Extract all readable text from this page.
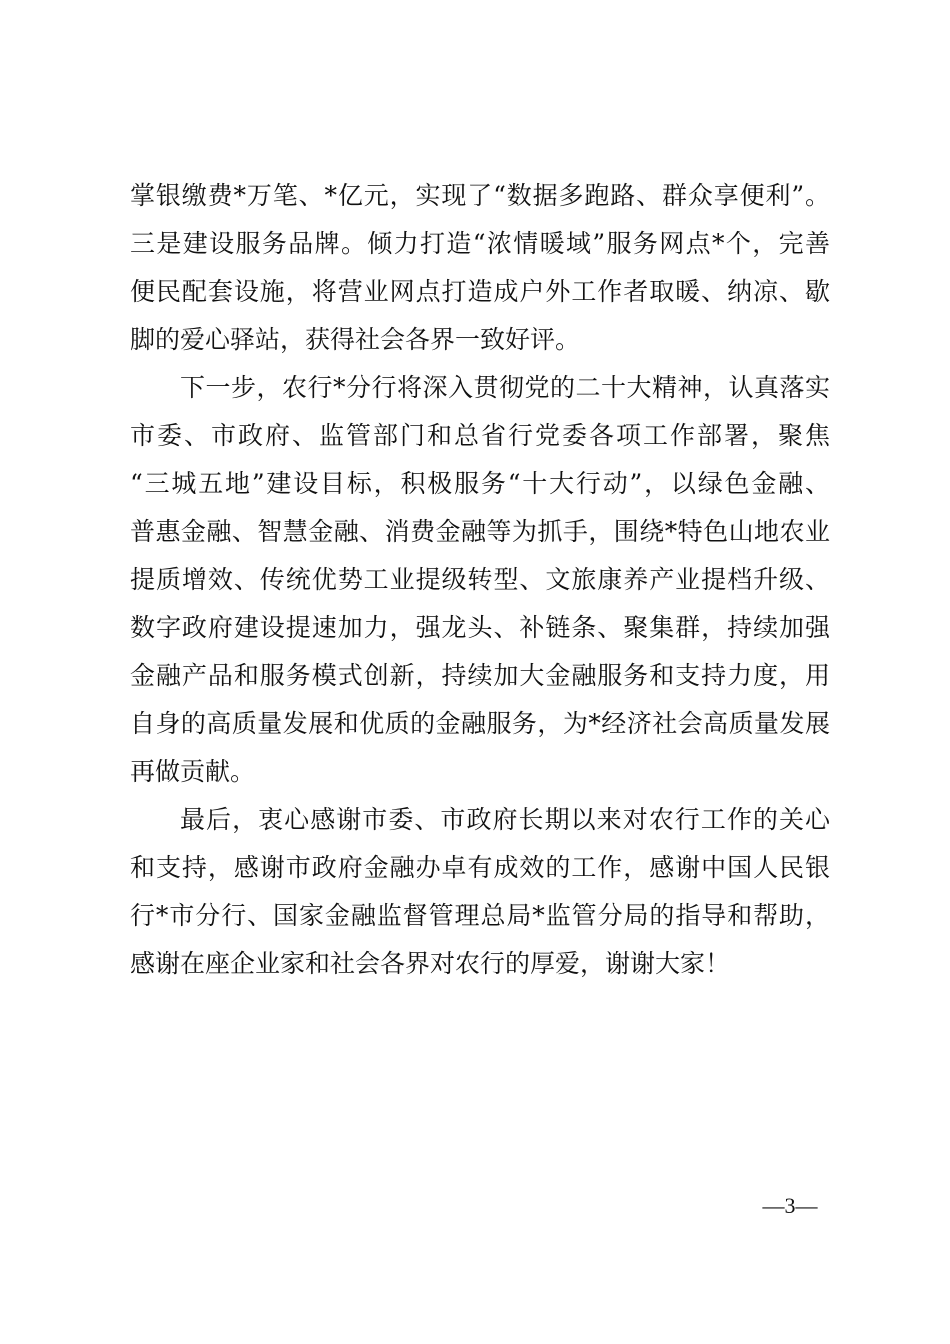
掌银缴费*万笔、*亿元，实现了“数据多跑路、群众享便利”。
三是建设服务品牌。倾力打造“浓情暖域”服务网点*个，完善
便民配套设施，将营业网点打造成户外工作者取暖、纳凉、歇
脚的爱心驿站，获得社会各界一致好评。
下一步，农行*分行将深入贯彻党的二十大精神，认真落实
市委、市政府、监管部门和总省行党委各项工作部署，聚焦
“三城五地”建设目标，积极服务“十大行动”，以绿色金融、
普惠金融、智慧金融、消费金融等为抓手，围绕*特色山地农业
提质增效、传统优势工业提级转型、文旅康养产业提档升级、
数字政府建设提速加力，强龙头、补链条、聚集群，持续加强
金融产品和服务模式创新，持续加大金融服务和支持力度，用
自身的高质量发展和优质的金融服务，为*经济社会高质量发展
再做贡献。
最后，衷心感谢市委、市政府长期以来对农行工作的关心
和支持，感谢市政府金融办卓有成效的工作，感谢中国人民银
行*市分行、国家金融监督管理总局*监管分局的指导和帮助，
感谢在座企业家和社会各界对农行的厚爱，谢谢大家！
—3—
